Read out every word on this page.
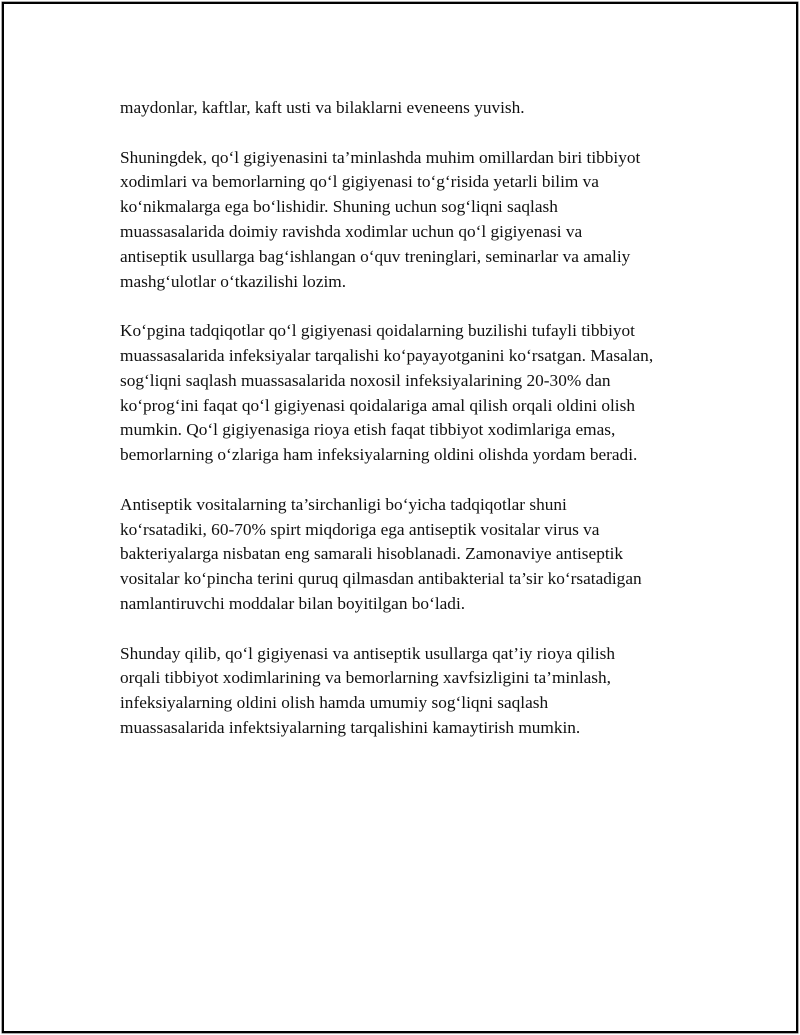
maydonlar, kaftlar, kaft usti va bilaklarni eveneens yuvish.

Shuningdek, qo‘l gigiyenasini ta’minlashda muhim omillardan biri tibbiyot
xodimlari va bemorlarning qo‘l gigiyenasi to‘g‘risida yetarli bilim va
ko‘nikmalarga ega bo‘lishidir. Shuning uchun sog‘liqni saqlash
muassasalarida doimiy ravishda xodimlar uchun qo‘l gigiyenasi va
antiseptik usullarga bag‘ishlangan o‘quv treninglari, seminarlar va amaliy
mashg‘ulotlar o‘tkazilishi lozim.

Ko‘pgina tadqiqotlar qo‘l gigiyenasi qoidalarning buzilishi tufayli tibbiyot
muassasalarida infeksiyalar tarqalishi ko‘payayotganini ko‘rsatgan. Masalan,
sog‘liqni saqlash muassasalarida noxosil infeksiyalarining 20-30% dan
ko‘prog‘ini faqat qo‘l gigiyenasi qoidalariga amal qilish orqali oldini olish
mumkin. Qo‘l gigiyenasiga rioya etish faqat tibbiyot xodimlariga emas,
bemorlarning o‘zlariga ham infeksiyalarning oldini olishda yordam beradi.

Antiseptik vositalarning ta’sirchanligi bo‘yicha tadqiqotlar shuni
ko‘rsatadiki, 60-70% spirt miqdoriga ega antiseptik vositalar virus va
bakteriyalarga nisbatan eng samarali hisoblanadi. Zamonaviye antiseptik
vositalar ko‘pincha terini quruq qilmasdan antibakterial ta’sir ko‘rsatadigan
namlantiruvchi moddalar bilan boyitilgan bo‘ladi.

Shunday qilib, qo‘l gigiyenasi va antiseptik usullarga qat’iy rioya qilish
orqali tibbiyot xodimlarining va bemorlarning xavfsizligini ta’minlash,
infeksiyalarning oldini olish hamda umumiy sog‘liqni saqlash
muassasalarida infektsiyalarning tarqalishini kamaytirish mumkin.
